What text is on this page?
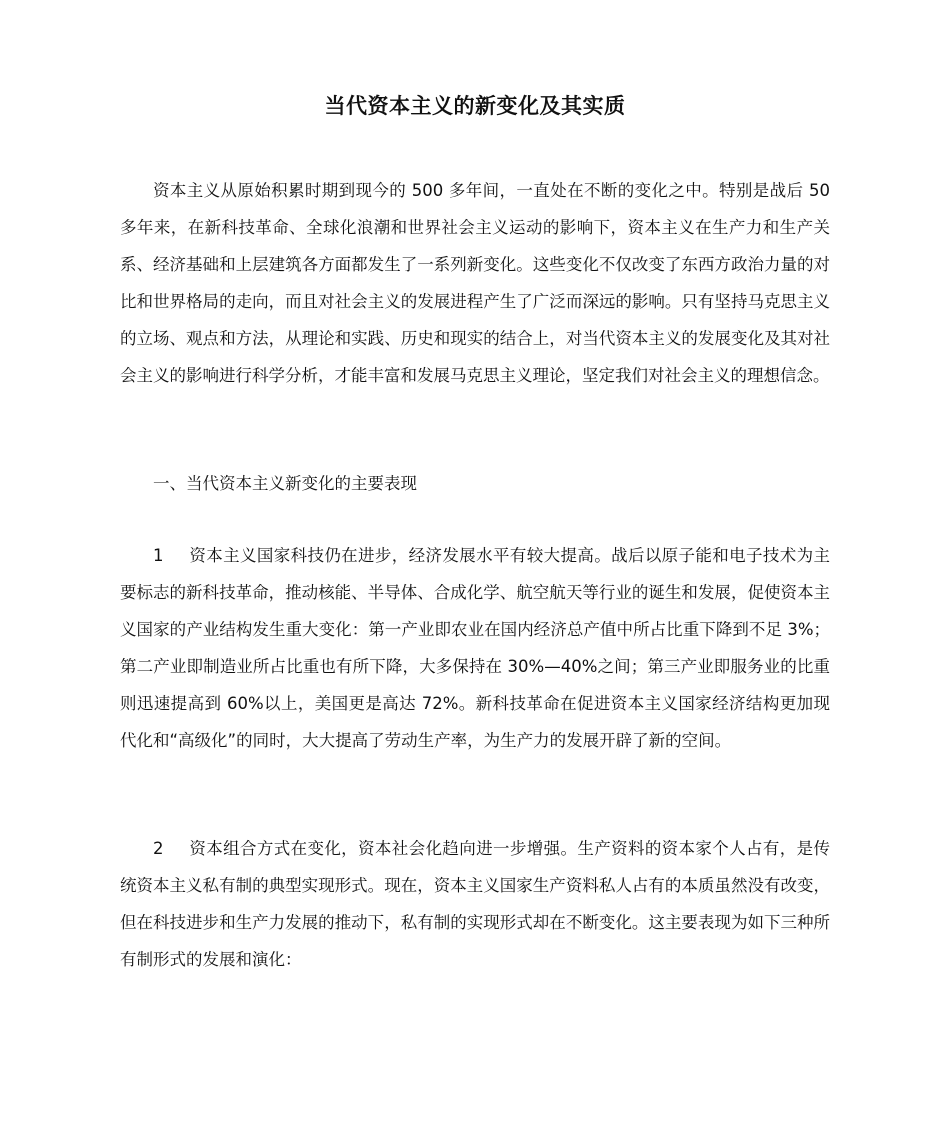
当代资本主义的新变化及其实质

资本主义从原始积累时期到现今的 500 多年间，一直处在不断的变化之中。特别是战后 50 多年来，在新科技革命、全球化浪潮和世界社会主义运动的影响下，资本主义在生产力和生产关系、经济基础和上层建筑各方面都发生了一系列新变化。这些变化不仅改变了东西方政治力量的对比和世界格局的走向，而且对社会主义的发展进程产生了广泛而深远的影响。只有坚持马克思主义的立场、观点和方法，从理论和实践、历史和现实的结合上，对当代资本主义的发展变化及其对社会主义的影响进行科学分析，才能丰富和发展马克思主义理论，坚定我们对社会主义的理想信念。

一、当代资本主义新变化的主要表现

1 资本主义国家科技仍在进步，经济发展水平有较大提高。战后以原子能和电子技术为主要标志的新科技革命，推动核能、半导体、合成化学、航空航天等行业的诞生和发展，促使资本主义国家的产业结构发生重大变化：第一产业即农业在国内经济总产值中所占比重下降到不足 3%；第二产业即制造业所占比重也有所下降，大多保持在 30%—40%之间；第三产业即服务业的比重则迅速提高到 60%以上，美国更是高达 72%。新科技革命在促进资本主义国家经济结构更加现代化和“高级化”的同时，大大提高了劳动生产率，为生产力的发展开辟了新的空间。

2 资本组合方式在变化，资本社会化趋向进一步增强。生产资料的资本家个人占有，是传统资本主义私有制的典型实现形式。现在，资本主义国家生产资料私人占有的本质虽然没有改变，但在科技进步和生产力发展的推动下，私有制的实现形式却在不断变化。这主要表现为如下三种所有制形式的发展和演化：
